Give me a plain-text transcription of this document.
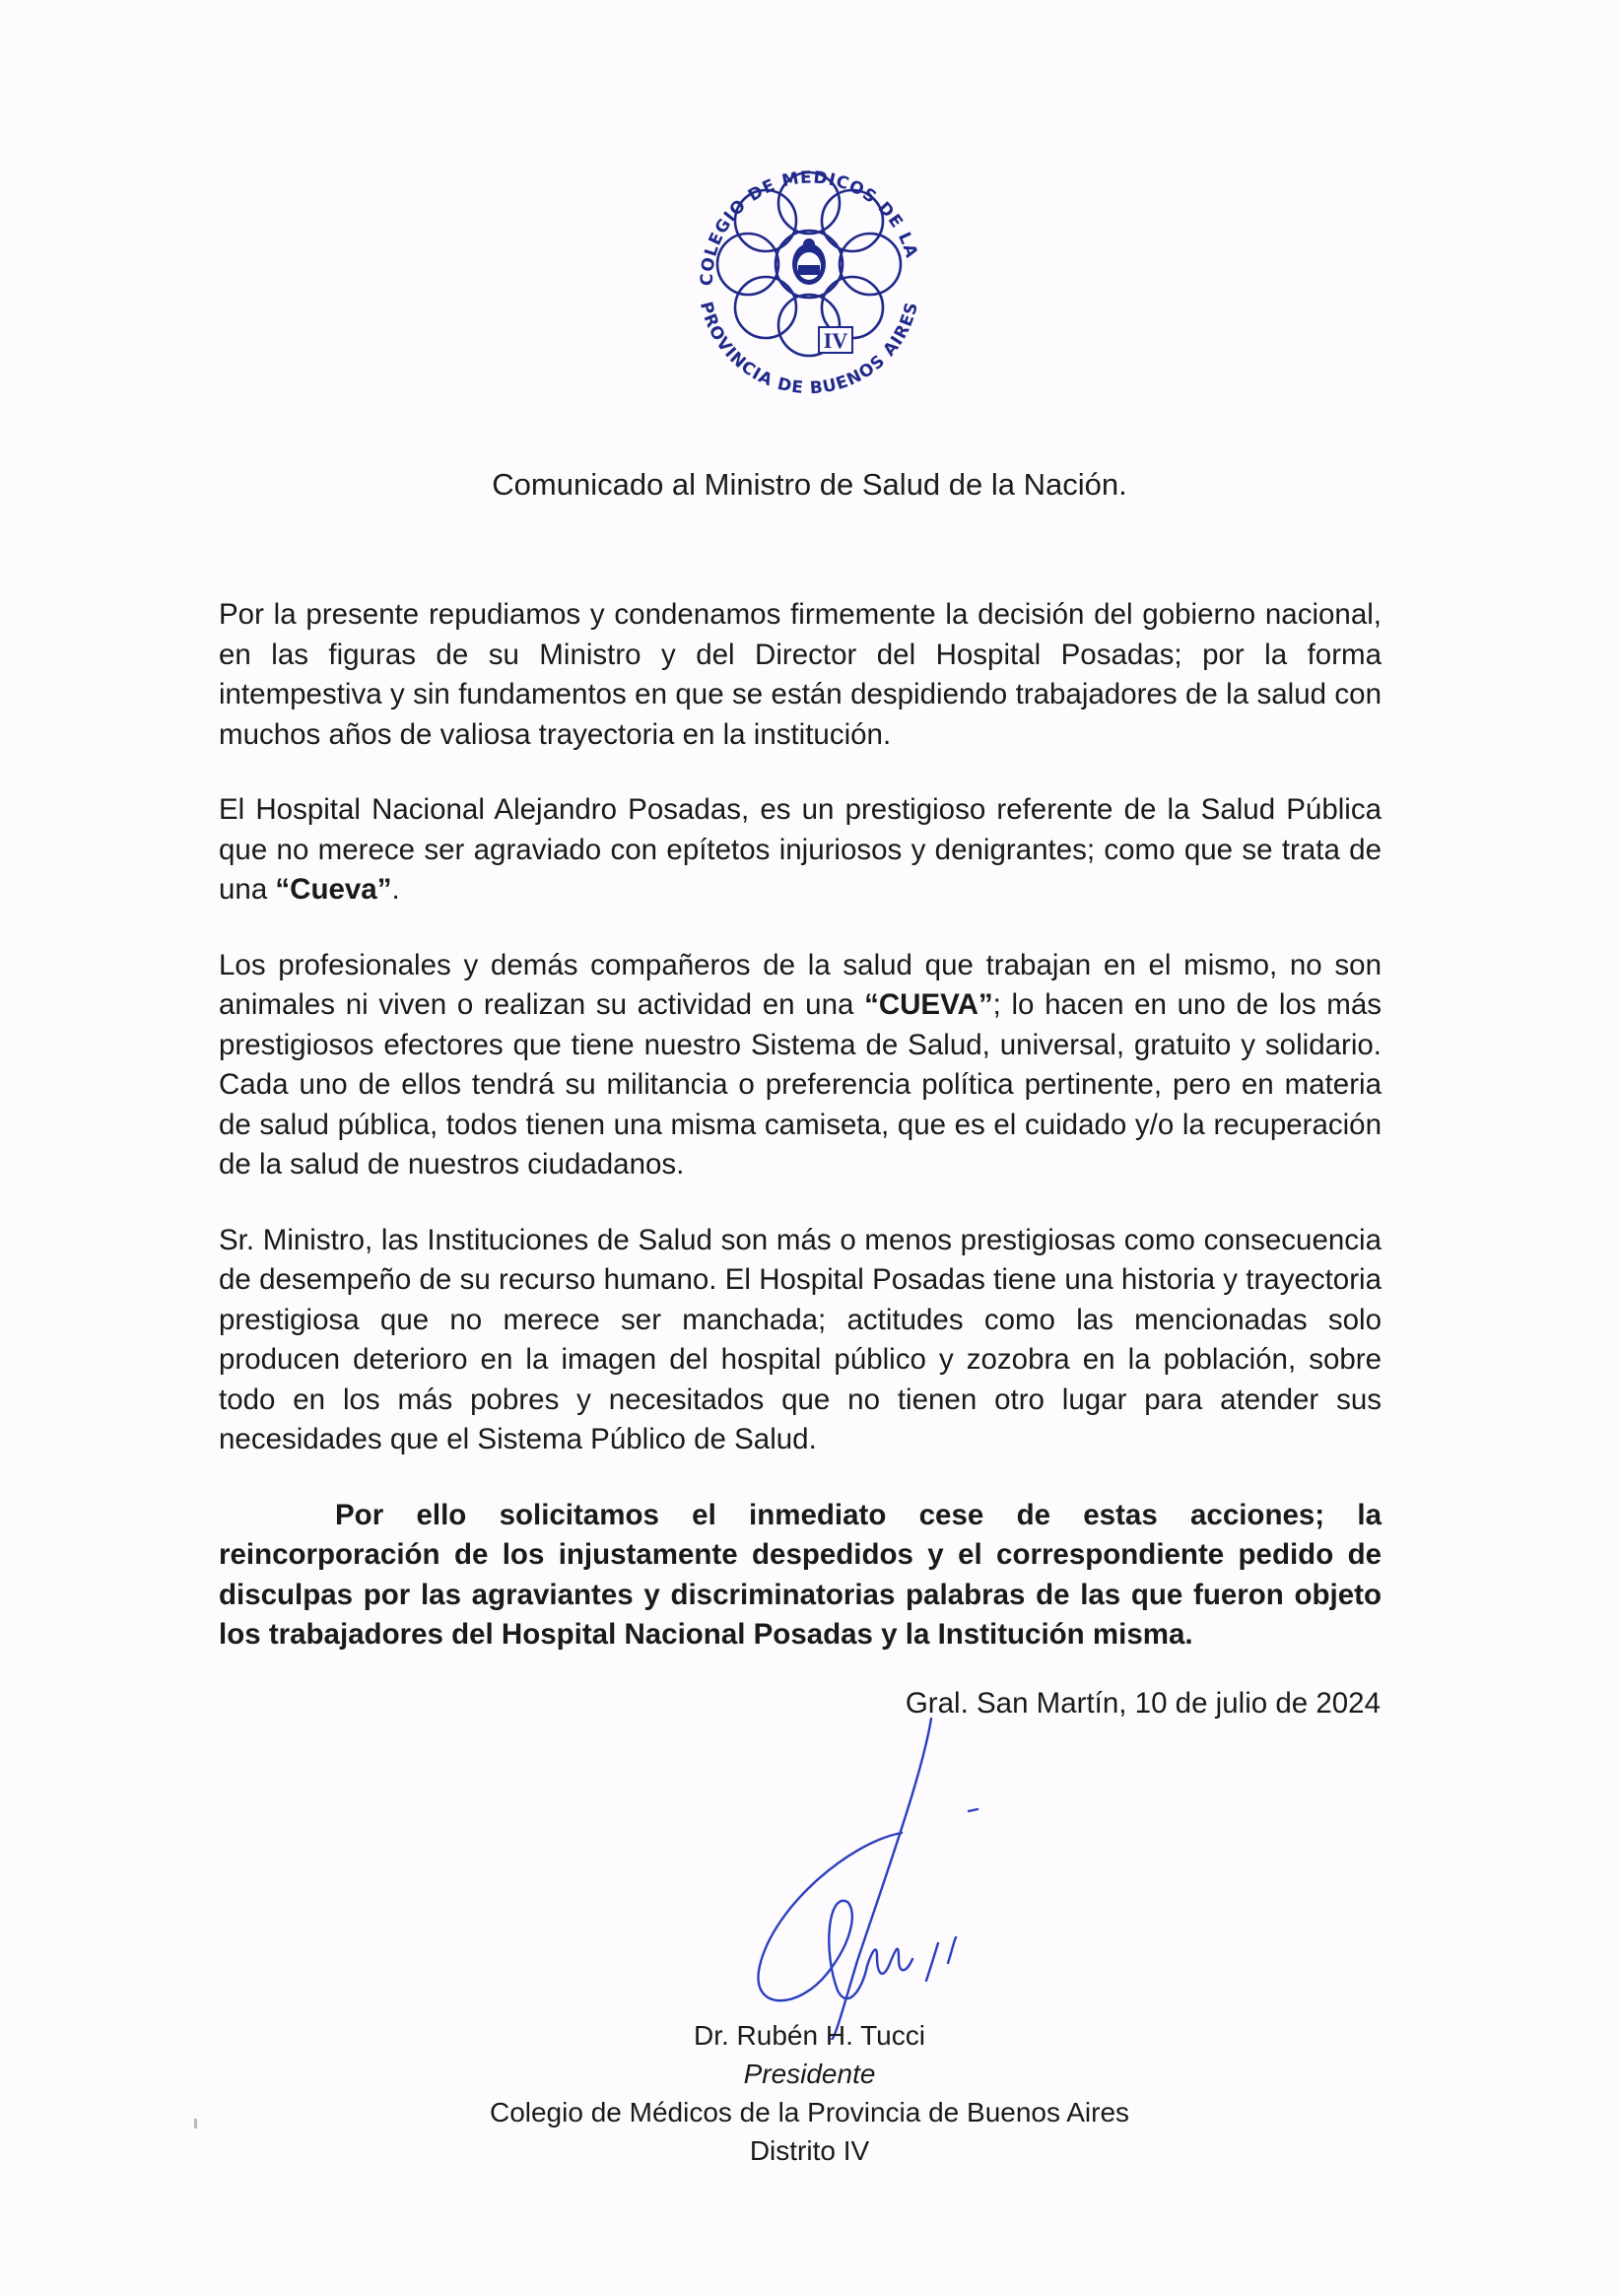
IV
COLEGIO DE MEDICOS DE LA
PROVINCIA DE BUENOS AIRES
Comunicado al Ministro de Salud de la Nación.

Por la presente repudiamos y condenamos firmemente la decisión del gobierno nacional, en las figuras de su Ministro y del Director del Hospital Posadas; por la forma intempestiva y sin fundamentos en que se están despidiendo trabajadores de la salud con muchos años de valiosa trayectoria en la institución.

El Hospital Nacional Alejandro Posadas, es un prestigioso referente de la Salud Pública que no merece ser agraviado con epítetos injuriosos y denigrantes; como que se trata de una “Cueva”.

Los profesionales y demás compañeros de la salud que trabajan en el mismo, no son animales ni viven o realizan su actividad en una “CUEVA”; lo hacen en uno de los más prestigiosos efectores que tiene nuestro Sistema de Salud, universal, gratuito y solidario. Cada uno de ellos tendrá su militancia o preferencia política pertinente, pero en materia de salud pública, todos tienen una misma camiseta, que es el cuidado y/o la recuperación de la salud de nuestros ciudadanos.

Sr. Ministro, las Instituciones de Salud son más o menos prestigiosas como consecuencia de desempeño de su recurso humano. El Hospital Posadas tiene una historia y trayectoria prestigiosa que no merece ser manchada; actitudes como las mencionadas solo producen deterioro en la imagen del hospital público y zozobra en la población, sobre todo en los más pobres y necesitados que no tienen otro lugar para atender sus necesidades que el Sistema Público de Salud.

Por ello solicitamos el inmediato cese de estas acciones; la reincorporación de los injustamente despedidos y el correspondiente pedido de disculpas por las agraviantes y discriminatorias palabras de las que fueron objeto los trabajadores del Hospital Nacional Posadas y la Institución misma.

Gral. San Martín, 10 de julio de 2024
Dr. Rubén H. Tucci
Presidente
Colegio de Médicos de la Provincia de Buenos Aires
Distrito IV
